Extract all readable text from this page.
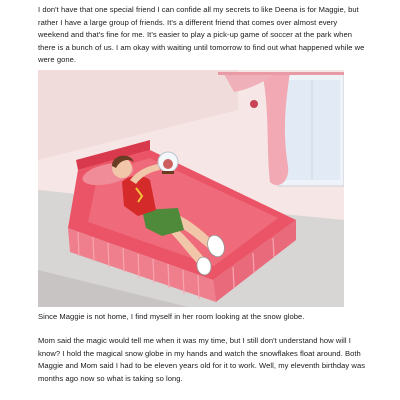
I don't have that one special friend I can confide all my secrets to like Deena is for Maggie, but rather I have a large group of friends. It's a different friend that comes over almost every weekend and that's fine for me. It's easier to play a pick-up game of soccer at the park when there is a bunch of us. I am okay with waiting until tomorrow to find out what happened while we were gone.

Since Maggie is not home, I find myself in her room looking at the snow globe.

Mom said the magic would tell me when it was my time, but I still don't understand how will I know? I hold the magical snow globe in my hands and watch the snowflakes float around. Both Maggie and Mom said I had to be eleven years old for it to work. Well, my eleventh birthday was months ago now so what is taking so long.
